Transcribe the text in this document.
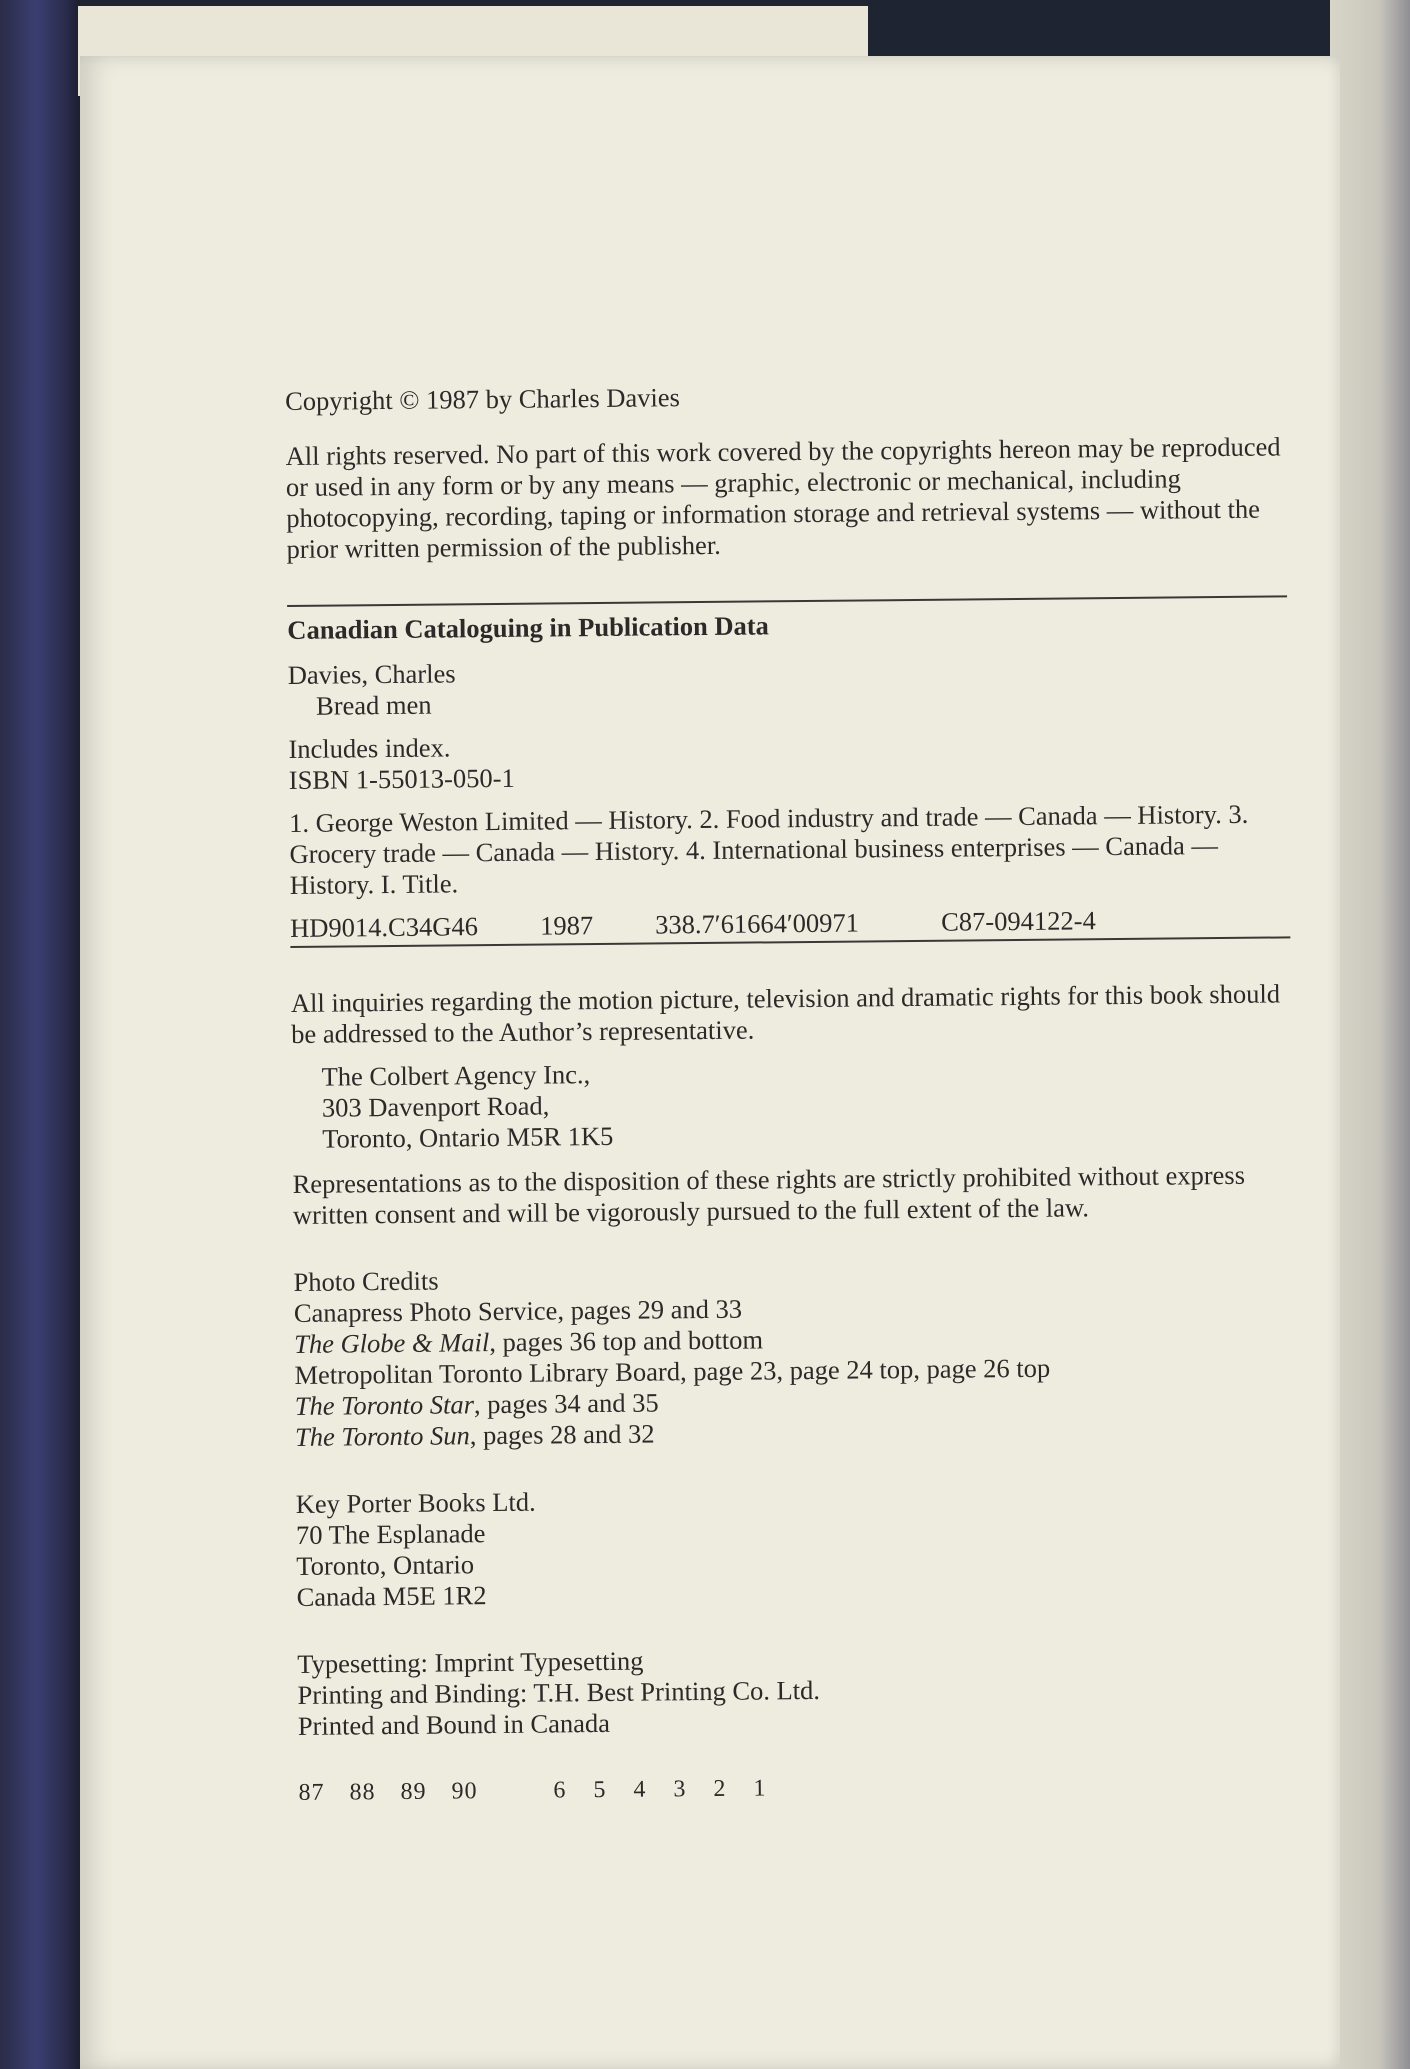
Copyright © 1987 by Charles Davies

All rights reserved. No part of this work covered by the copyrights hereon may be reproduced or used in any form or by any means — graphic, electronic or mechanical, including photocopying, recording, taping or information storage and retrieval systems — without the prior written permission of the publisher.

Canadian Cataloguing in Publication Data

Davies, Charles

Bread men

Includes index.

ISBN 1-55013-050-1

1. George Weston Limited — History. 2. Food industry and trade — Canada — History. 3. Grocery trade — Canada — History. 4. International business enterprises — Canada — History. I. Title.

HD9014.C34G46	1987	338.7′61664′00971	C87-094122-4

All inquiries regarding the motion picture, television and dramatic rights for this book should be addressed to the Author’s representative.

The Colbert Agency Inc.,

303 Davenport Road,

Toronto, Ontario M5R 1K5

Representations as to the disposition of these rights are strictly prohibited without express written consent and will be vigorously pursued to the full extent of the law.

Photo Credits

Canapress Photo Service, pages 29 and 33

The Globe & Mail, pages 36 top and bottom

Metropolitan Toronto Library Board, page 23, page 24 top, page 26 top

The Toronto Star, pages 34 and 35

The Toronto Sun, pages 28 and 32

Key Porter Books Ltd.

70 The Esplanade

Toronto, Ontario

Canada M5E 1R2

Typesetting: Imprint Typesetting

Printing and Binding: T.H. Best Printing Co. Ltd.

Printed and Bound in Canada

87 88 89 90	6 5 4 3 2 1
